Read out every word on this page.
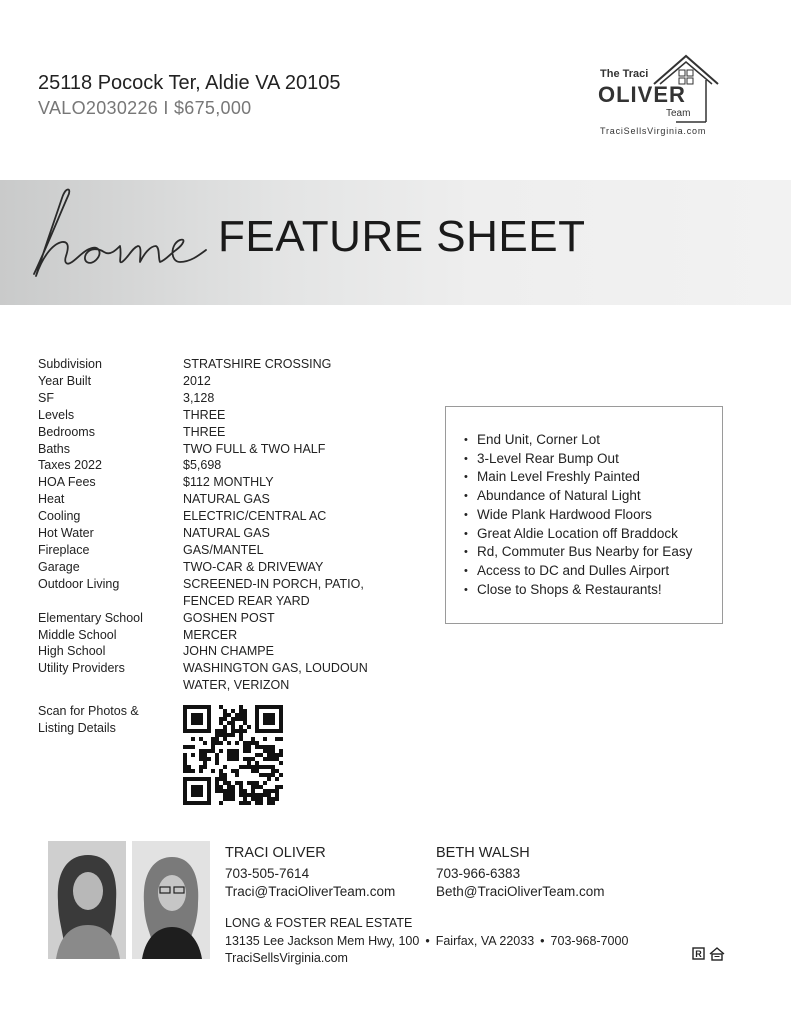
25118 Pocock Ter, Aldie VA 20105
VALO2030226 I $675,000
The Traci
OLIVER
Team
TraciSellsVirginia.com
FEATURE SHEET
Subdivision	STRATSHIRE CROSSING
Year Built	2012
SF	3,128
Levels	THREE
Bedrooms	THREE
Baths	TWO FULL & TWO HALF
Taxes 2022	$5,698
HOA Fees	$112 MONTHLY
Heat	NATURAL GAS
Cooling	ELECTRIC/CENTRAL AC
Hot Water	NATURAL GAS
Fireplace	GAS/MANTEL
Garage	TWO-CAR & DRIVEWAY
Outdoor Living	SCREENED-IN PORCH, PATIO,
FENCED REAR YARD
Elementary School	GOSHEN POST
Middle School	MERCER
High School	JOHN CHAMPE
Utility Providers	WASHINGTON GAS, LOUDOUN
WATER, VERIZON
Scan for Photos &
Listing Details
• End Unit, Corner Lot
• 3-Level Rear Bump Out
• Main Level Freshly Painted
• Abundance of Natural Light
• Wide Plank Hardwood Floors
• Great Aldie Location off Braddock
• Rd, Commuter Bus Nearby for Easy
• Access to DC and Dulles Airport
• Close to Shops & Restaurants!
TRACI OLIVER
703-505-7614
Traci@TraciOliverTeam.com
BETH WALSH
703-966-6383
Beth@TraciOliverTeam.com
LONG & FOSTER REAL ESTATE
13135 Lee Jackson Mem Hwy, 100 • Fairfax, VA 22033 • 703-968-7000
TraciSellsVirginia.com	R
